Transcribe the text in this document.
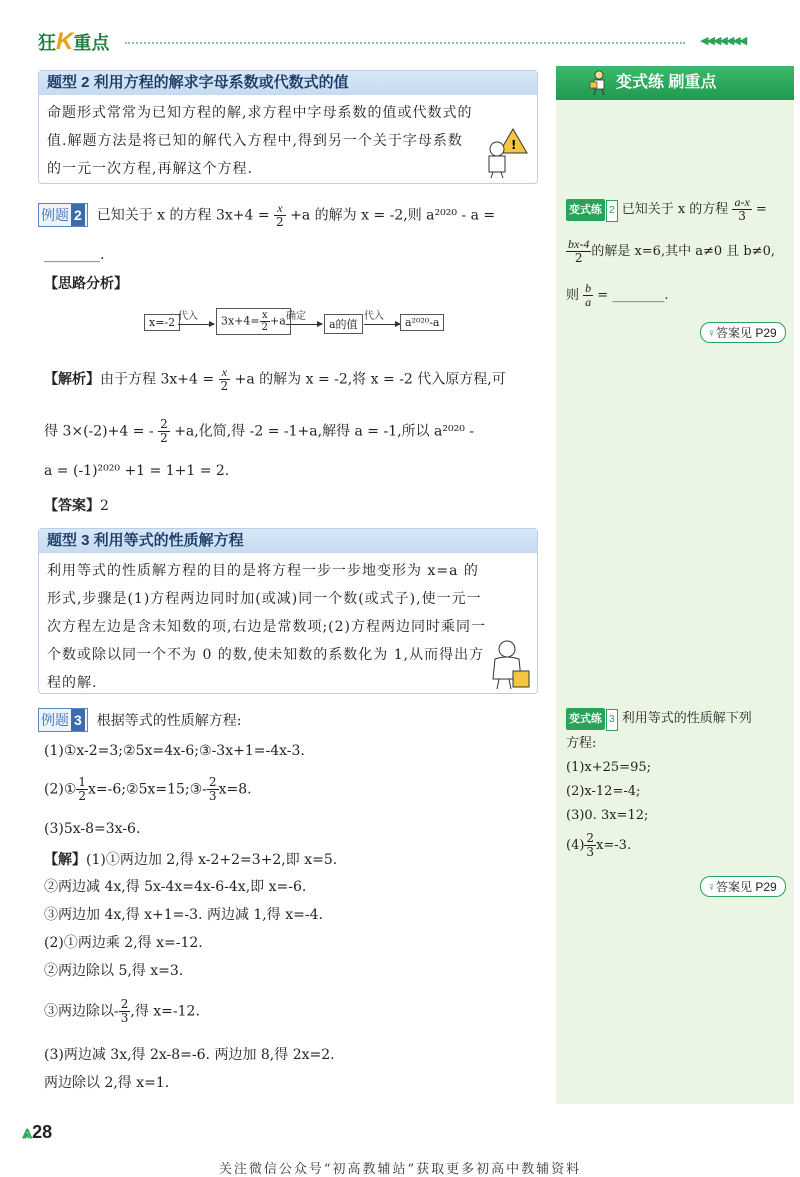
狂K重点	◀◀◀◀◀◀◀
变式练 刷重点
变式练 2 已知关于 x 的方程 $\frac{a-x}{3}$ =
$\frac{bx-4}{2}$ 的解是 x=6,其中 a≠0 且 b≠0,
则 $\frac{b}{a}$ = ________.
♀答案见 P29
变式练 3 利用等式的性质解下列
方程:
(1)x+25=95;
(2)x-12=-4;
(3)0. 3x=12;
$(4) \frac{2}{3} x=-3$.
♀答案见 P29
题型 2 利用方程的解求字母系数或代数式的值
命题形式常常为已知方程的解,求方程中字母系数的值或代数式的值.解题方法是将已知的解代入方程中,得到另一个关于字母系数的一元一次方程,再解这个方程.
!
例题 2 已知关于 x 的方程 $3x+4 = \frac{x}{2} +a$ 的解为 x = -2,则 a²⁰²⁰ - a =
________.
【思路分析】
x=-2 代入	$3x+4= \frac{x}{2} +a$ 确定
a的值
代入	a²⁰²⁰-a
【解析】由于方程 $3x+4 = \frac{x}{2} +a$ 的解为 x = -2,将 x = -2 代入原方程,可
得 3×(-2)+4 = - $\frac{2}{2} +a$,化简,得 -2 = -1+a,解得 a = -1,所以 a²⁰²⁰ -
a = (-1)²⁰²⁰ +1 = 1+1 = 2.
【答案】2
题型 3 利用等式的性质解方程
利用等式的性质解方程的目的是将方程一步一步地变形为 x=a 的形式,步骤是(1)方程两边同时加(或减)同一个数(或式子),使一元一次方程左边是含未知数的项,右边是常数项;(2)方程两边同时乘同一个数或除以同一个不为 0 的数,使未知数的系数化为 1,从而得出方程的解.
例题 3 根据等式的性质解方程:
(1)①x-2=3;②5x=4x-6;③-3x+1=-4x-3.
(2)① $\frac{1}{2}$ x=-6;②5x=15;③- $\frac{2}{3} x=8$.
(3)5x-8=3x-6.
【解】(1)①两边加 2,得 x-2+2=3+2,即 x=5.
②两边减 4x,得 5x-4x=4x-6-4x,即 x=-6.
③两边加 4x,得 x+1=-3. 两边减 1,得 x=-4.
(2)①两边乘 2,得 x=-12.
②两边除以 5,得 x=3.
③两边除以- $\frac{2}{3}$ ,得 x=-12.
(3)两边减 3x,得 2x-8=-6. 两边加 8,得 2x=2.
两边除以 2,得 x=1.
⩓28
关注微信公众号“初高教辅站”获取更多初高中教辅资料
